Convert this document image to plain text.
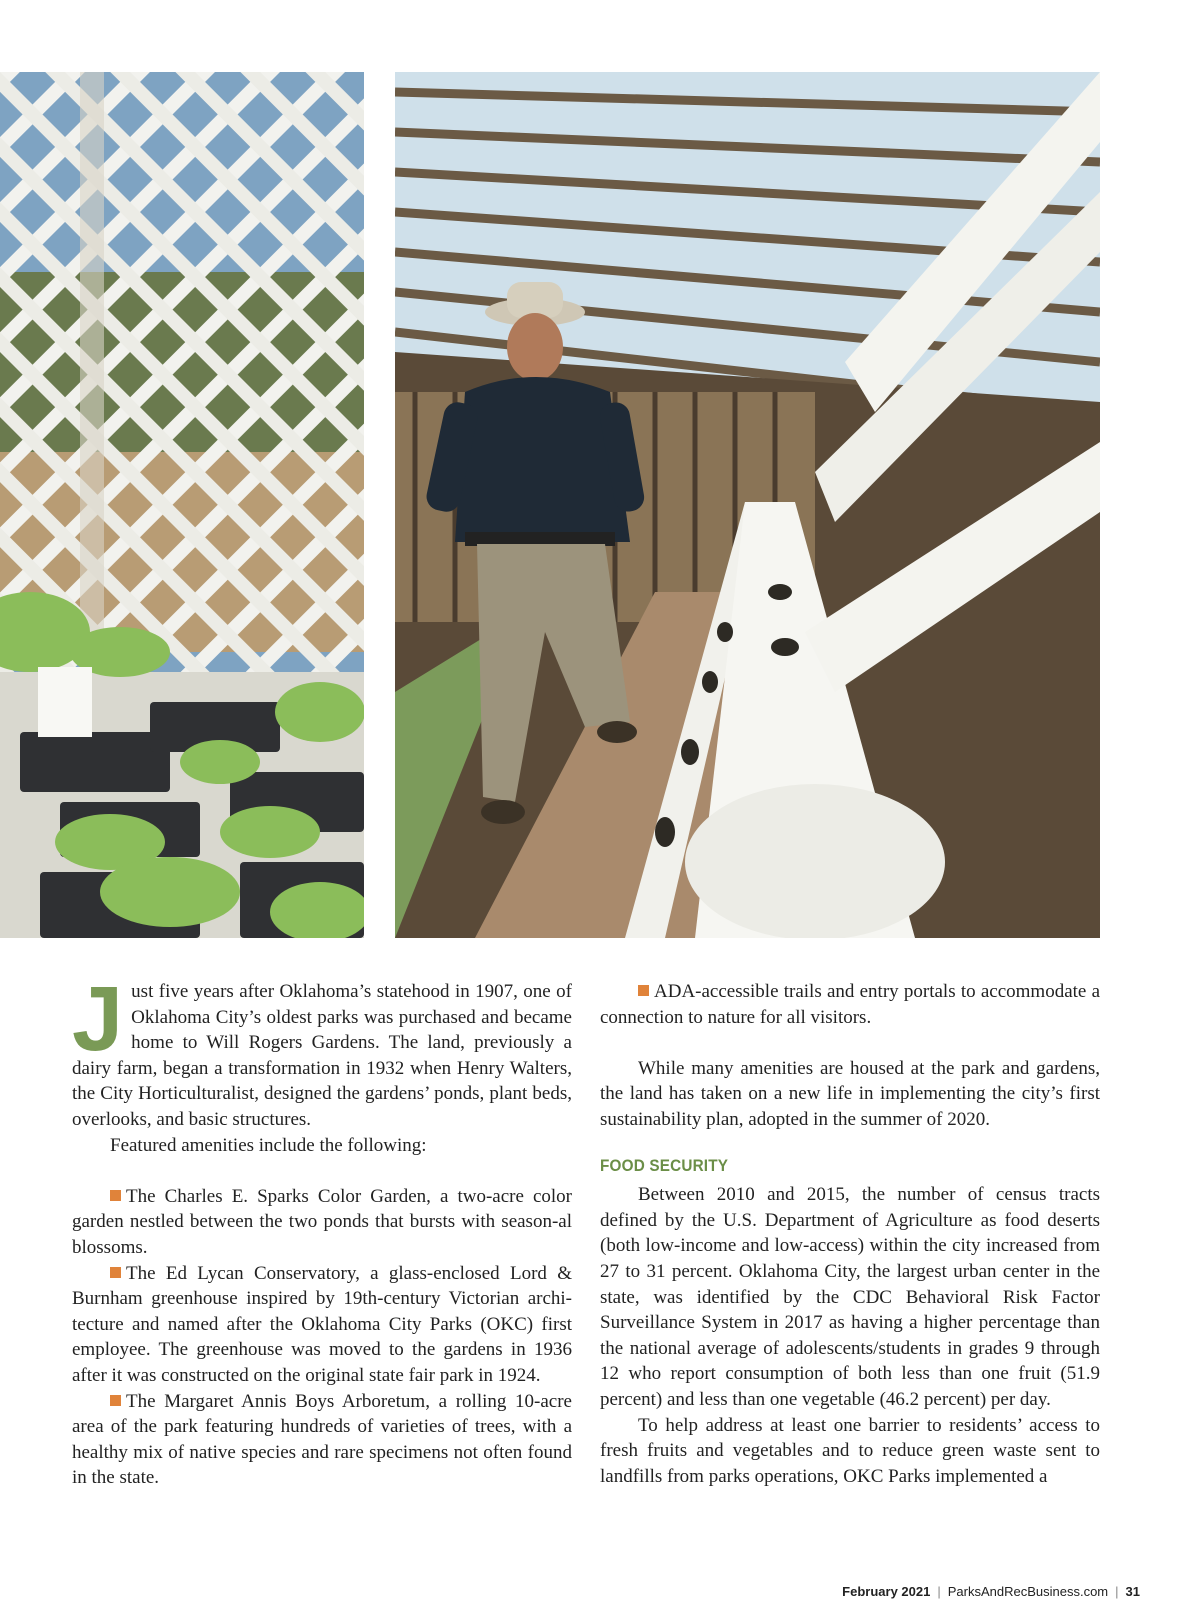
Just five years after Oklahoma’s statehood in 1907, one of Oklahoma City’s oldest parks was purchased and became home to Will Rogers Gardens. The land, previously a dairy farm, began a transformation in 1932 when Henry Walters, the City Horticulturalist, designed the gardens’ ponds, plant beds, overlooks, and basic structures.

Featured amenities include the following:

The Charles E. Sparks Color Garden, a two-acre color garden nestled between the two ponds that bursts with season-al blossoms.

The Ed Lycan Conservatory, a glass-enclosed Lord & Burnham greenhouse inspired by 19th-century Victorian archi-tecture and named after the Oklahoma City Parks (OKC) first employee. The greenhouse was moved to the gardens in 1936 after it was constructed on the original state fair park in 1924.

The Margaret Annis Boys Arboretum, a rolling 10-acre area of the park featuring hundreds of varieties of trees, with a healthy mix of native species and rare specimens not often found in the state.

ADA-accessible trails and entry portals to accommodate a connection to nature for all visitors.

While many amenities are housed at the park and gardens, the land has taken on a new life in implementing the city’s first sustainability plan, adopted in the summer of 2020.

FOOD SECURITY

Between 2010 and 2015, the number of census tracts defined by the U.S. Department of Agriculture as food deserts (both low-income and low-access) within the city increased from 27 to 31 percent. Oklahoma City, the largest urban center in the state, was identified by the CDC Behavioral Risk Factor Surveillance System in 2017 as having a higher percentage than the national average of adolescents/students in grades 9 through 12 who report consumption of both less than one fruit (51.9 percent) and less than one vegetable (46.2 percent) per day.

To help address at least one barrier to residents’ access to fresh fruits and vegetables and to reduce green waste sent to landfills from parks operations, OKC Parks implemented a

February 2021 | ParksAndRecBusiness.com | 31
